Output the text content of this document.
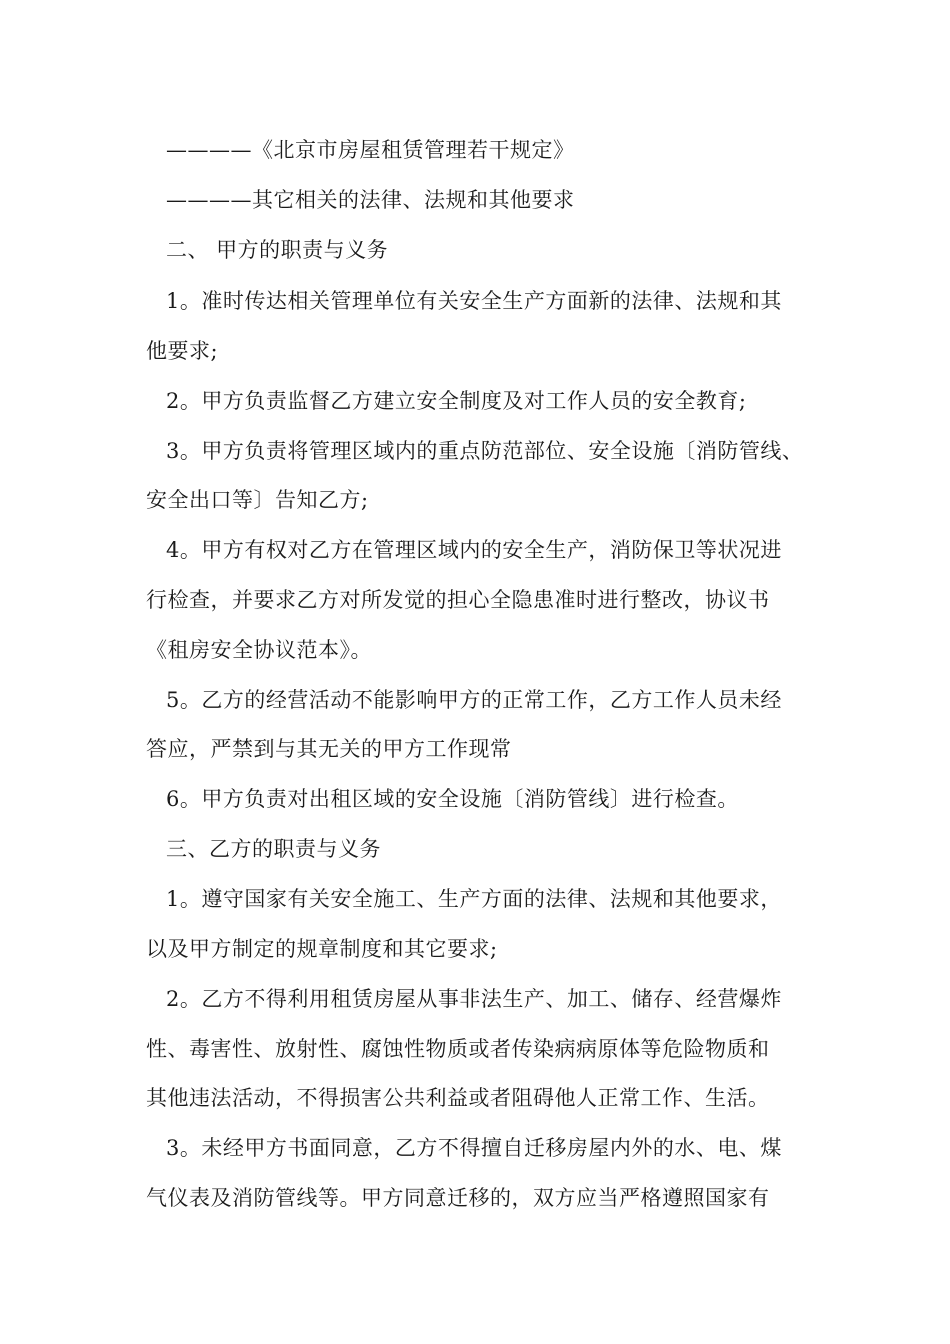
————《北京市房屋租赁管理若干规定》
————其它相关的法律、法规和其他要求
二、 甲方的职责与义务
1。准时传达相关管理单位有关安全生产方面新的法律、法规和其
他要求;
2。甲方负责监督乙方建立安全制度及对工作人员的安全教育;
3。甲方负责将管理区域内的重点防范部位、安全设施〔消防管线、
安全出口等〕告知乙方;
4。甲方有权对乙方在管理区域内的安全生产，消防保卫等状况进
行检查，并要求乙方对所发觉的担心全隐患准时进行整改，协议书
《租房安全协议范本》。
5。乙方的经营活动不能影响甲方的正常工作，乙方工作人员未经
答应，严禁到与其无关的甲方工作现常
6。甲方负责对出租区域的安全设施〔消防管线〕进行检查。
三、乙方的职责与义务
1。遵守国家有关安全施工、生产方面的法律、法规和其他要求，
以及甲方制定的规章制度和其它要求;
2。乙方不得利用租赁房屋从事非法生产、加工、储存、经营爆炸
性、毒害性、放射性、腐蚀性物质或者传染病病原体等危险物质和
其他违法活动，不得损害公共利益或者阻碍他人正常工作、生活。
3。未经甲方书面同意，乙方不得擅自迁移房屋内外的水、电、煤
气仪表及消防管线等。甲方同意迁移的，双方应当严格遵照国家有
